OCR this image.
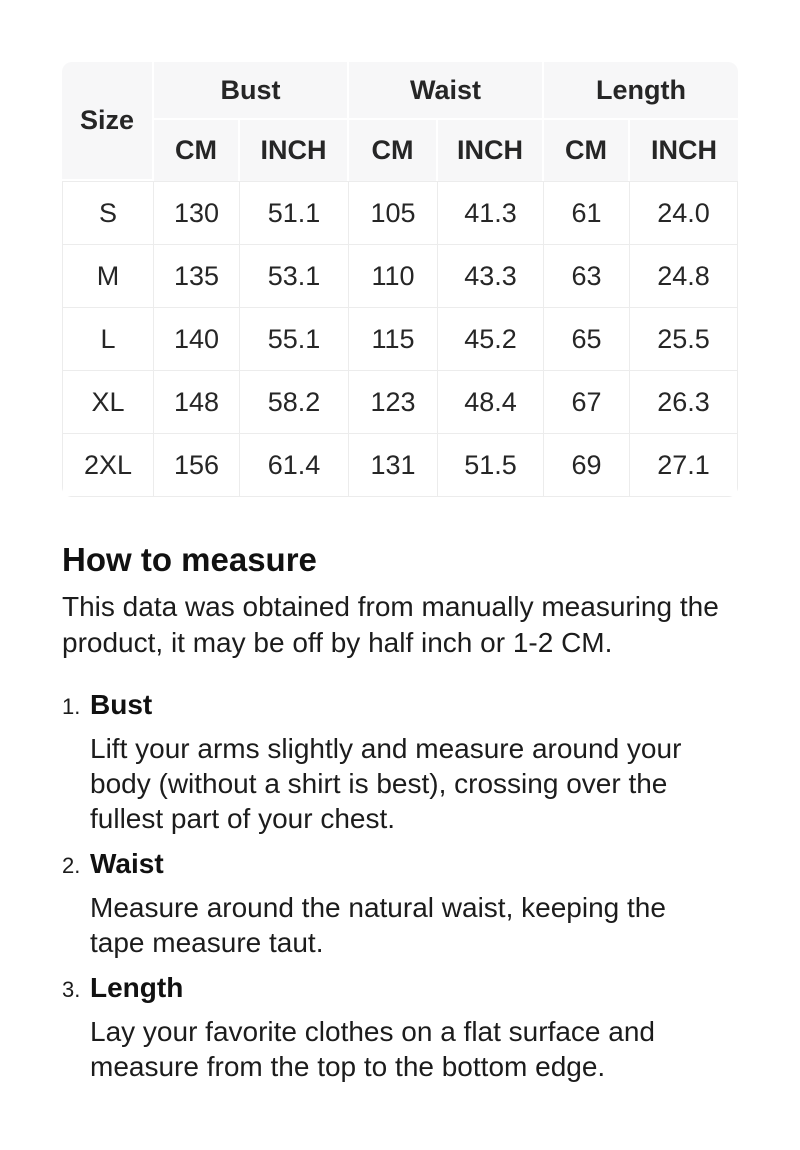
Size	Bust		Waist		Length	
	CM	INCH	CM	INCH	CM	INCH
S	130	51.1	105	41.3	61	24.0
M	135	53.1	110	43.3	63	24.8
L	140	55.1	115	45.2	65	25.5
XL	148	58.2	123	48.4	67	26.3
2XL	156	61.4	131	51.5	69	27.1
How to measure

This data was obtained from manually measuring the product, it may be off by half inch or 1-2 CM.

1. Bust

Lift your arms slightly and measure around your body (without a shirt is best), crossing over the fullest part of your chest.

2. Waist

Measure around the natural waist, keeping the tape measure taut.

3. Length

Lay your favorite clothes on a flat surface and measure from the top to the bottom edge.
